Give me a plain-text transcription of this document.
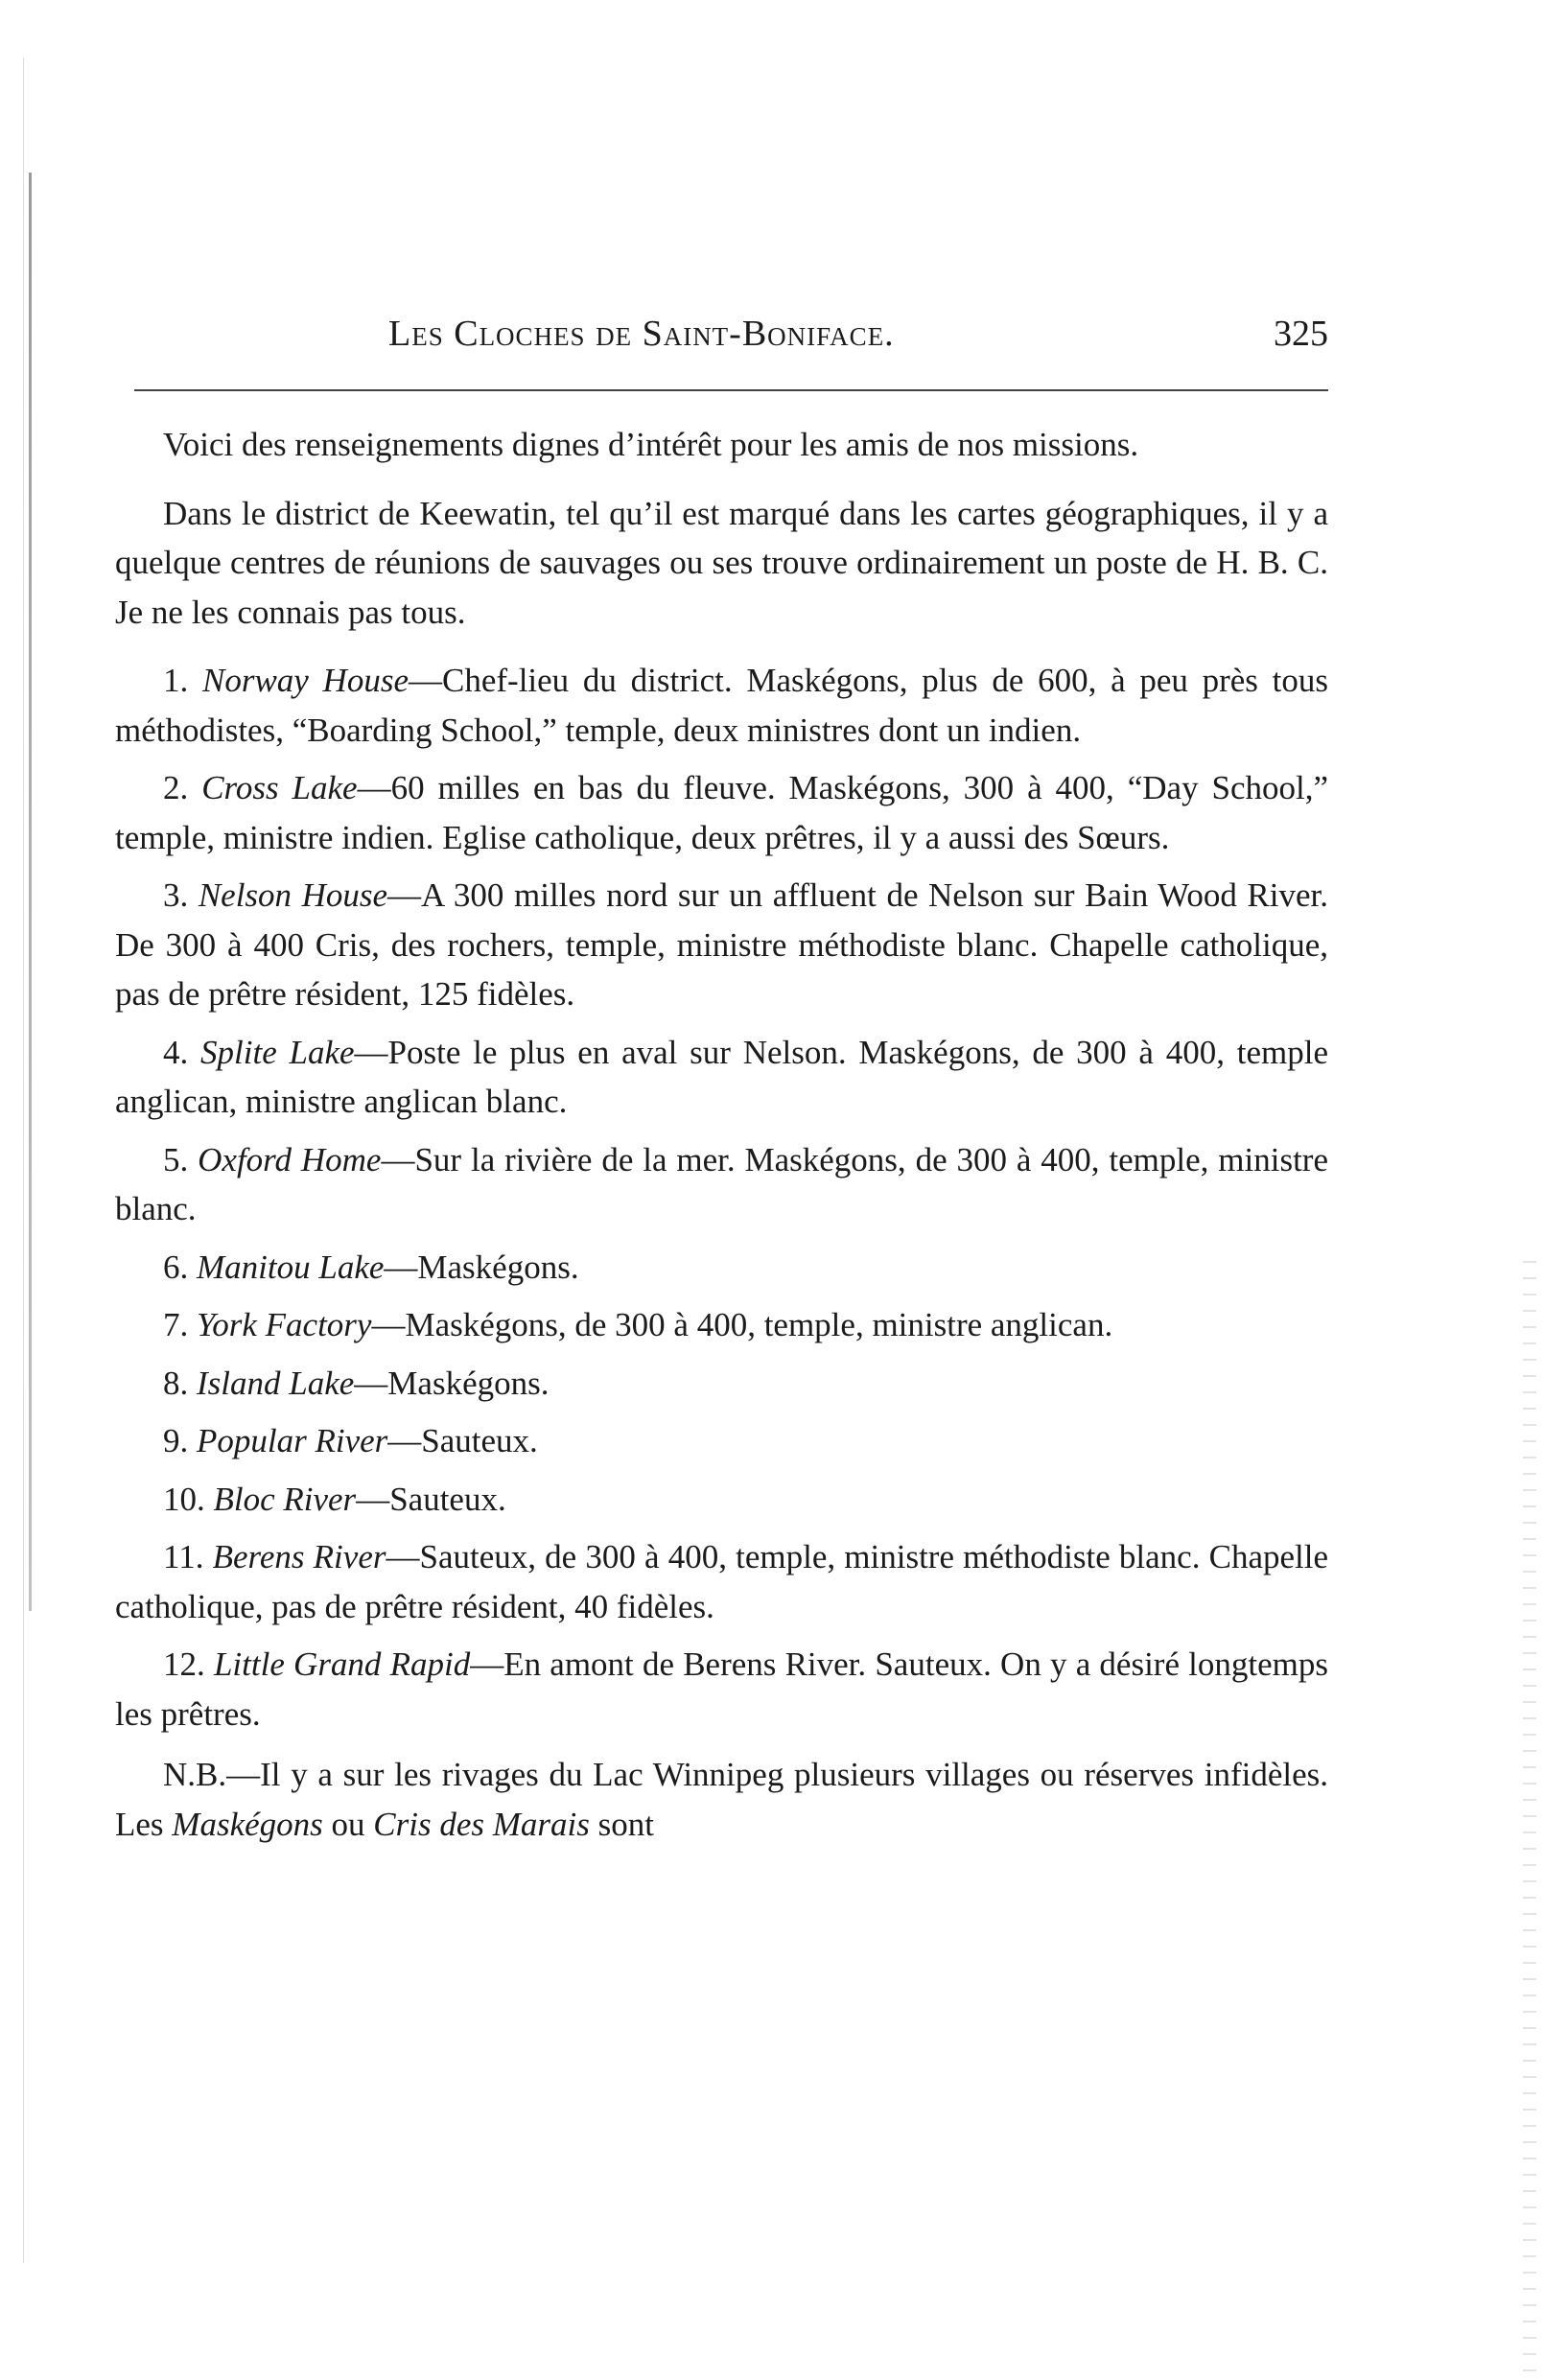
Les Cloches de Saint-Boniface.	325

Voici des renseignements dignes d’intérêt pour les amis de nos missions.

Dans le district de Keewatin, tel qu’il est marqué dans les cartes géographiques, il y a quelque centres de réunions de sauvages ou ses trouve ordinairement un poste de H. B. C. Je ne les connais pas tous.

1. Norway House—Chef-lieu du district. Maskégons, plus de 600, à peu près tous méthodistes, “Boarding School,” temple, deux ministres dont un indien.

2. Cross Lake—60 milles en bas du fleuve. Maskégons, 300 à 400, “Day School,” temple, ministre indien. Eglise catholique, deux prêtres, il y a aussi des Sœurs.

3. Nelson House—A 300 milles nord sur un affluent de Nelson sur Bain Wood River. De 300 à 400 Cris, des rochers, temple, ministre méthodiste blanc. Chapelle catholique, pas de prêtre résident, 125 fidèles.

4. Splite Lake—Poste le plus en aval sur Nelson. Maskégons, de 300 à 400, temple anglican, ministre anglican blanc.

5. Oxford Home—Sur la rivière de la mer. Maskégons, de 300 à 400, temple, ministre blanc.

6. Manitou Lake—Maskégons.

7. York Factory—Maskégons, de 300 à 400, temple, ministre anglican.

8. Island Lake—Maskégons.

9. Popular River—Sauteux.

10. Bloc River—Sauteux.

11. Berens River—Sauteux, de 300 à 400, temple, ministre méthodiste blanc. Chapelle catholique, pas de prêtre résident, 40 fidèles.

12. Little Grand Rapid—En amont de Berens River. Sauteux. On y a désiré longtemps les prêtres.

N.B.—Il y a sur les rivages du Lac Winnipeg plusieurs villages ou réserves infidèles. Les Maskégons ou Cris des Marais sont
